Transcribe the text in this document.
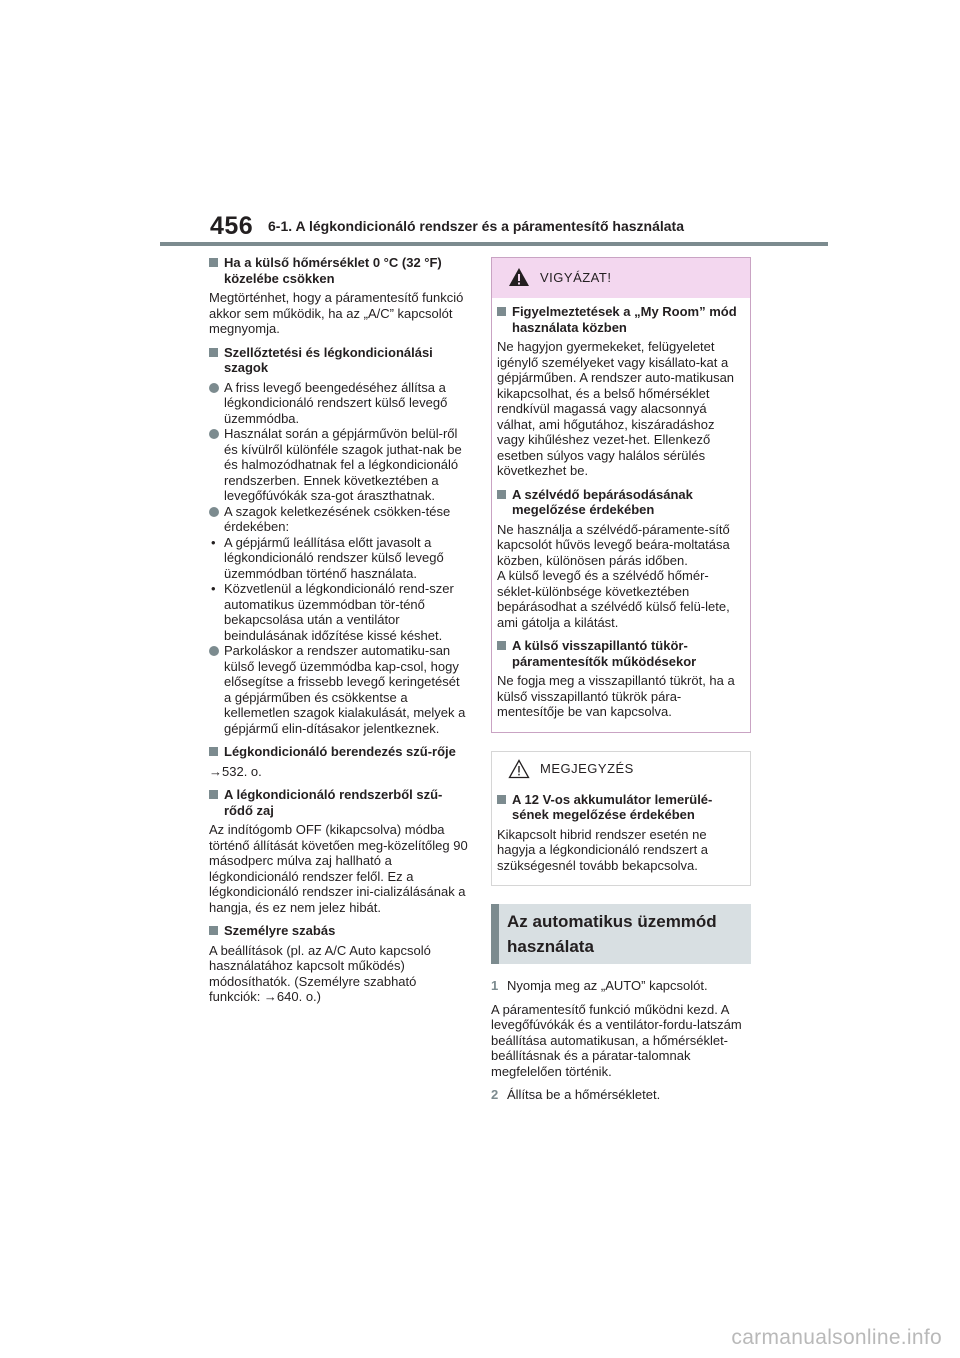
456 6-1. A légkondicionáló rendszer és a páramentesítő használata
Ha a külső hőmérséklet 0 °C (32 °F) közelébe csökken
Megtörténhet, hogy a páramentesítő funkció akkor sem működik, ha az „A/C” kapcsolót megnyomja.
Szellőztetési és légkondicionálási szagok
A friss levegő beengedéséhez állítsa a légkondicionáló rendszert külső levegő üzemmódba.
Használat során a gépjárművön belül-ről és kívülről különféle szagok juthat-nak be és halmozódhatnak fel a légkondicionáló rendszerben. Ennek következtében a levegőfúvókák sza-got áraszthatnak.
A szagok keletkezésének csökken-tése érdekében:
• A gépjármű leállítása előtt javasolt a légkondicionáló rendszer külső levegő üzemmódban történő használata.
• Közvetlenül a légkondicionáló rend-szer automatikus üzemmódban tör-ténő bekapcsolása után a ventilátor beindulásának időzítése kissé késhet.
Parkoláskor a rendszer automatiku-san külső levegő üzemmódba kap-csol, hogy elősegítse a frissebb levegő keringetését a gépjárműben és csökkentse a kellemetlen szagok kialakulását, melyek a gépjármű elin-dításakor jelentkeznek.
Légkondicionáló berendezés szű-rője
→532. o.
A légkondicionáló rendszerből szű-rődő zaj
Az indítógomb OFF (kikapcsolva) módba történő állítását követően meg-közelítőleg 90 másodperc múlva zaj hallható a légkondicionáló rendszer felől. Ez a légkondicionáló rendszer ini-cializálásának a hangja, és ez nem jelez hibát.
Személyre szabás
A beállítások (pl. az A/C Auto kapcsoló használatához kapcsolt működés) módosíthatók. (Személyre szabható funkciók: →640. o.)
VIGYÁZAT!
Figyelmeztetések a „My Room” mód használata közben
Ne hagyjon gyermekeket, felügyeletet igénylő személyeket vagy kisállato-kat a gépjárműben. A rendszer auto-matikusan kikapcsolhat, és a belső hőmérséklet rendkívül magassá vagy alacsonnyá válhat, ami hőgutához, kiszáradáshoz vagy kihűléshez vezet-het. Ellenkező esetben súlyos vagy halálos sérülés következhet be.
A szélvédő bepárásodásának megelőzése érdekében
Ne használja a szélvédő-páramente-sítő kapcsolót hűvös levegő beára-moltatása közben, különösen párás időben.
A külső levegő és a szélvédő hőmér-séklet-különbsége következtében bepárásodhat a szélvédő külső felü-lete, ami gátolja a kilátást.
A külső visszapillantó tükör-páramentesítők működésekor
Ne fogja meg a visszapillantó tükröt, ha a külső visszapillantó tükrök pára-mentesítője be van kapcsolva.
MEGJEGYZÉS
A 12 V-os akkumulátor lemerülé-sének megelőzése érdekében
Kikapcsolt hibrid rendszer esetén ne hagyja a légkondicionáló rendszert a szükségesnél tovább bekapcsolva.
Az automatikus üzemmód használata
1 Nyomja meg az „AUTO” kapcsolót.
A páramentesítő funkció működni kezd. A levegőfúvókák és a ventilátor-fordu-latszám beállítása automatikusan, a hőmérséklet-beállításnak és a páratar-talomnak megfelelően történik.
2 Állítsa be a hőmérsékletet.
carmanualsonline.info
